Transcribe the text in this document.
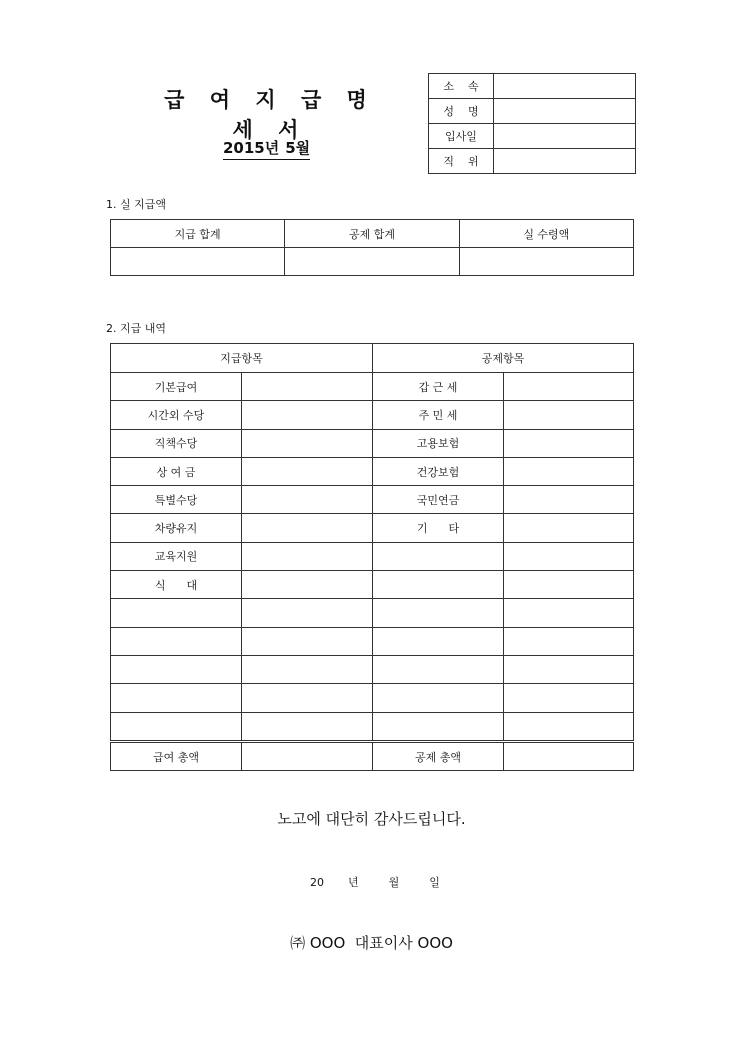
급 여 지 급 명 세 서
2015년 5월
소    속	
성    명	
입사일	
직    위	
1. 실 지급액
지급 합계	공제 합계	실 수령액

2. 지급 내역
지급항목		공제항목	
기본급여		갑 근 세	
시간외 수당		주 민 세	
직책수당		고용보험	
상 여 금		건강보험	
특별수당		국민연금	
차량유지		기      타	
교육지원			
식      대			

급여 총액		공제 총액	
노고에 대단히 감사드립니다.
20 년	월	일
㈜ OOO  대표이사 OOO
